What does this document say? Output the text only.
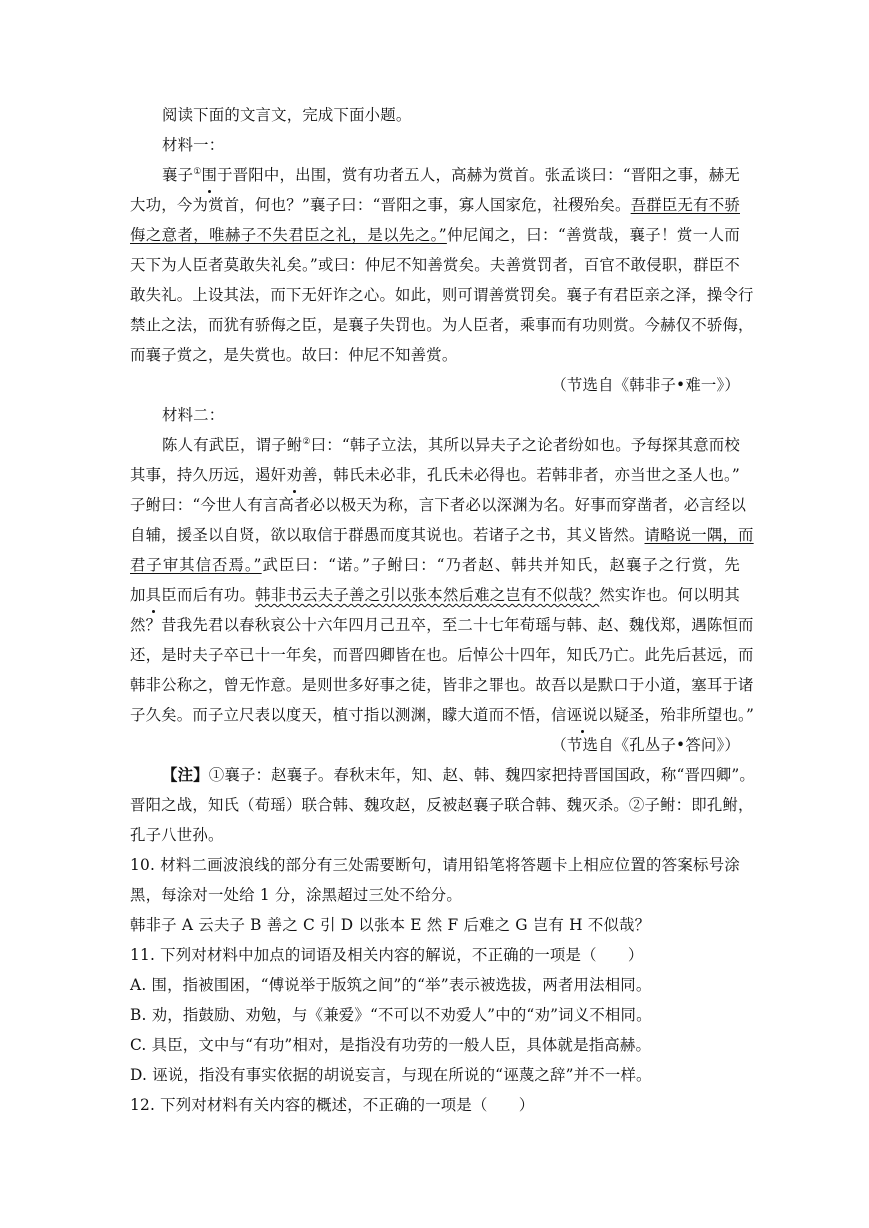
阅读下面的文言文，完成下面小题。
材料一：
襄子①围于晋阳中，出围，赏有功者五人，高赫为赏首。张孟谈曰：“晋阳之事，赫无
大功，今为赏首，何也？”襄子曰：“晋阳之事，寡人国家危，社稷殆矣。吾群臣无有不骄
侮之意者，唯赫子不失君臣之礼，是以先之。”仲尼闻之，曰：“善赏哉，襄子！赏一人而
天下为人臣者莫敢失礼矣。”或曰：仲尼不知善赏矣。夫善赏罚者，百官不敢侵职，群臣不
敢失礼。上设其法，而下无奸诈之心。如此，则可谓善赏罚矣。襄子有君臣亲之泽，操令行
禁止之法，而犹有骄侮之臣，是襄子失罚也。为人臣者，乘事而有功则赏。今赫仅不骄侮，
而襄子赏之，是失赏也。故曰：仲尼不知善赏。
（节选自《韩非子•难一》）
材料二：
陈人有武臣，谓子鲋②曰：“韩子立法，其所以异夫子之论者纷如也。予每探其意而校
其事，持久历远，遏奸劝善，韩氏未必非，孔氏未必得也。若韩非者，亦当世之圣人也。”
子鲋曰：“今世人有言高者必以极天为称，言下者必以深渊为名。好事而穿凿者，必言经以
自辅，援圣以自贤，欲以取信于群愚而度其说也。若诸子之书，其义皆然。请略说一隅，而
君子审其信否焉。”武臣曰：“诺。”子鲋曰：“乃者赵、韩共并知氏，赵襄子之行赏，先
加具臣而后有功。韩非书云夫子善之引以张本然后难之岂有不似哉？然实诈也。何以明其
然？昔我先君以春秋哀公十六年四月己丑卒，至二十七年荀瑶与韩、赵、魏伐郑，遇陈恒而
还，是时夫子卒已十一年矣，而晋四卿皆在也。后悼公十四年，知氏乃亡。此先后甚远，而
韩非公称之，曾无怍意。是则世多好事之徒，皆非之罪也。故吾以是默口于小道，塞耳于诸
子久矣。而子立尺表以度天，植寸指以测渊，矇大道而不悟，信诬说以疑圣，殆非所望也。”
（节选自《孔丛子•答问》）
【注】①襄子：赵襄子。春秋末年，知、赵、韩、魏四家把持晋国国政，称“晋四卿”。
晋阳之战，知氏（荀瑶）联合韩、魏攻赵，反被赵襄子联合韩、魏灭杀。②子鲋：即孔鲋，
孔子八世孙。
10. 材料二画波浪线的部分有三处需要断句，请用铅笔将答题卡上相应位置的答案标号涂
黑，每涂对一处给 1 分，涂黑超过三处不给分。
韩非子 A 云夫子 B 善之 C 引 D 以张本 E 然 F 后难之 G 岂有 H 不似哉？
11. 下列对材料中加点的词语及相关内容的解说，不正确的一项是（　　）
A. 围，指被围困，“傅说举于版筑之间”的“举”表示被选拔，两者用法相同。
B. 劝，指鼓励、劝勉，与《兼爱》“不可以不劝爱人”中的“劝”词义不相同。
C. 具臣，文中与“有功”相对，是指没有功劳的一般人臣，具体就是指高赫。
D. 诬说，指没有事实依据的胡说妄言，与现在所说的“诬蔑之辞”并不一样。
12. 下列对材料有关内容的概述，不正确的一项是（　　）
